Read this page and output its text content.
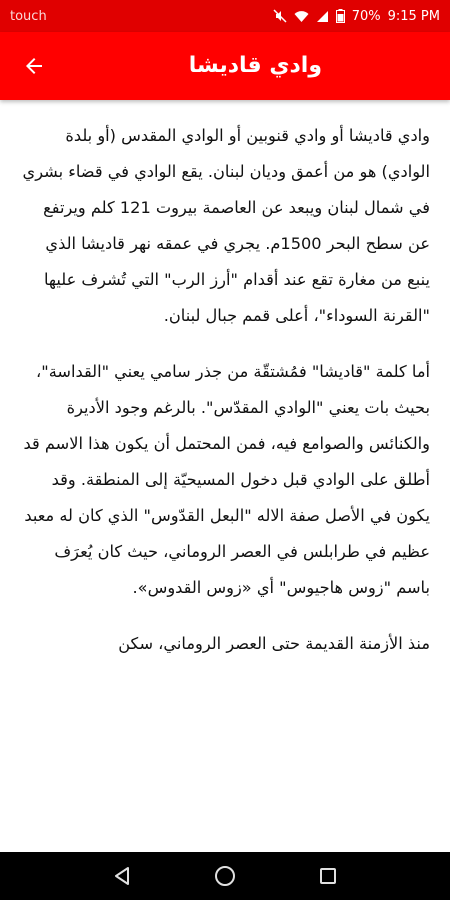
touch	70% 9:15 PM
وادي قاديشا

وادي قاديشا أو وادي قنوبين أو الوادي المقدس (أو بلدة الوادي) هو من أعمق وديان لبنان. يقع الوادي في قضاء بشري في شمال لبنان ويبعد عن العاصمة بيروت 121 كلم ويرتفع عن سطح البحر 1500م. يجري في عمقه نهر قاديشا الذي ينبع من مغارة تقع عند أقدام "أرز الرب" التي تُشرف عليها "القرنة السوداء"، أعلى قمم جبال لبنان.

أما كلمة "قاديشا" فمُشتقّة من جذر سامي يعني "القداسة"، بحيث بات يعني "الوادي المقدّس". بالرغم وجود الأديرة والكنائس والصوامع فيه، فمن المحتمل أن يكون هذا الاسم قد أطلق على الوادي قبل دخول المسيحيّة إلى المنطقة. وقد يكون في الأصل صفة الاله "البعل القدّوس" الذي كان له معبد عظيم في طرابلس في العصر الروماني، حيث كان يُعرَف باسم "زوس هاجيوس" أي «زوس القدوس».

منذ الأزمنة القديمة حتى العصر الروماني، سكن
